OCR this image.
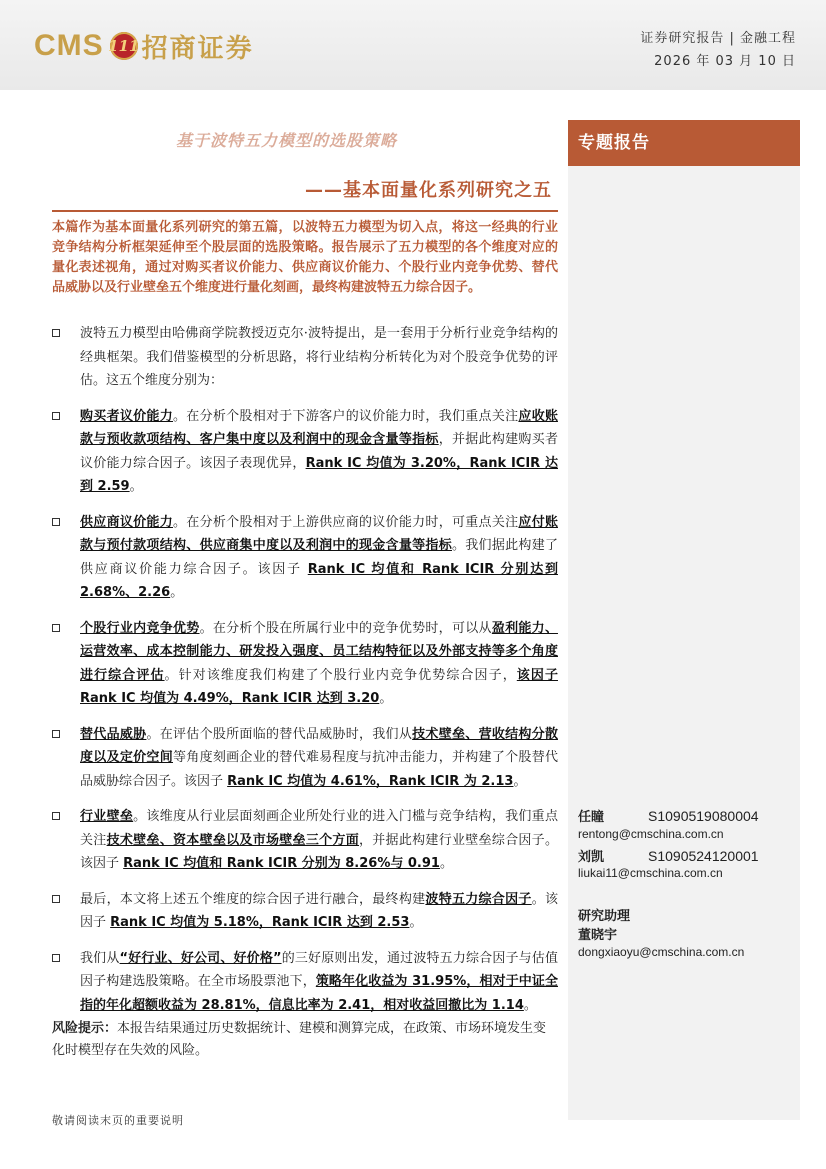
CMS 111 招商证券	证券研究报告 | 金融工程
2026 年 03 月 10 日
专题报告
基于波特五力模型的选股策略
——基本面量化系列研究之五
本篇作为基本面量化系列研究的第五篇，以波特五力模型为切入点，将这一经典的行业竞争结构分析框架延伸至个股层面的选股策略。报告展示了五力模型的各个维度对应的量化表述视角，通过对购买者议价能力、供应商议价能力、个股行业内竞争优势、替代品威胁以及行业壁垒五个维度进行量化刻画，最终构建波特五力综合因子。
波特五力模型由哈佛商学院教授迈克尔·波特提出，是一套用于分析行业竞争结构的经典框架。我们借鉴模型的分析思路，将行业结构分析转化为对个股竞争优势的评估。这五个维度分别为：
购买者议价能力。在分析个股相对于下游客户的议价能力时，我们重点关注应收账款与预收款项结构、客户集中度以及利润中的现金含量等指标，并据此构建购买者议价能力综合因子。该因子表现优异，Rank IC 均值为 3.20%，Rank ICIR 达到 2.59。
供应商议价能力。在分析个股相对于上游供应商的议价能力时，可重点关注应付账款与预付款项结构、供应商集中度以及利润中的现金含量等指标。我们据此构建了供应商议价能力综合因子。该因子 Rank IC 均值和 Rank ICIR 分别达到 2.68%、2.26。
个股行业内竞争优势。在分析个股在所属行业中的竞争优势时，可以从盈利能力、运营效率、成本控制能力、研发投入强度、员工结构特征以及外部支持等多个角度进行综合评估。针对该维度我们构建了个股行业内竞争优势综合因子，该因子 Rank IC 均值为 4.49%，Rank ICIR 达到 3.20。
替代品威胁。在评估个股所面临的替代品威胁时，我们从技术壁垒、营收结构分散度以及定价空间等角度刻画企业的替代难易程度与抗冲击能力，并构建了个股替代品威胁综合因子。该因子 Rank IC 均值为 4.61%，Rank ICIR 为 2.13。
行业壁垒。该维度从行业层面刻画企业所处行业的进入门槛与竞争结构，我们重点关注技术壁垒、资本壁垒以及市场壁垒三个方面，并据此构建行业壁垒综合因子。该因子 Rank IC 均值和 Rank ICIR 分别为 8.26%与 0.91。
最后，本文将上述五个维度的综合因子进行融合，最终构建波特五力综合因子。该因子 Rank IC 均值为 5.18%，Rank ICIR 达到 2.53。
我们从“好行业、好公司、好价格”的三好原则出发，通过波特五力综合因子与估值因子构建选股策略。在全市场股票池下，策略年化收益为 31.95%，相对于中证全指的年化超额收益为 28.81%，信息比率为 2.41，相对收益回撤比为 1.14。
风险提示：本报告结果通过历史数据统计、建模和测算完成，在政策、市场环境发生变化时模型存在失效的风险。
敬请阅读末页的重要说明
任瞳	S1090519080004
rentong@cmschina.com.cn
刘凯	S1090524120001
liukai11@cmschina.com.cn
研究助理
董晓宇
dongxiaoyu@cmschina.com.cn
